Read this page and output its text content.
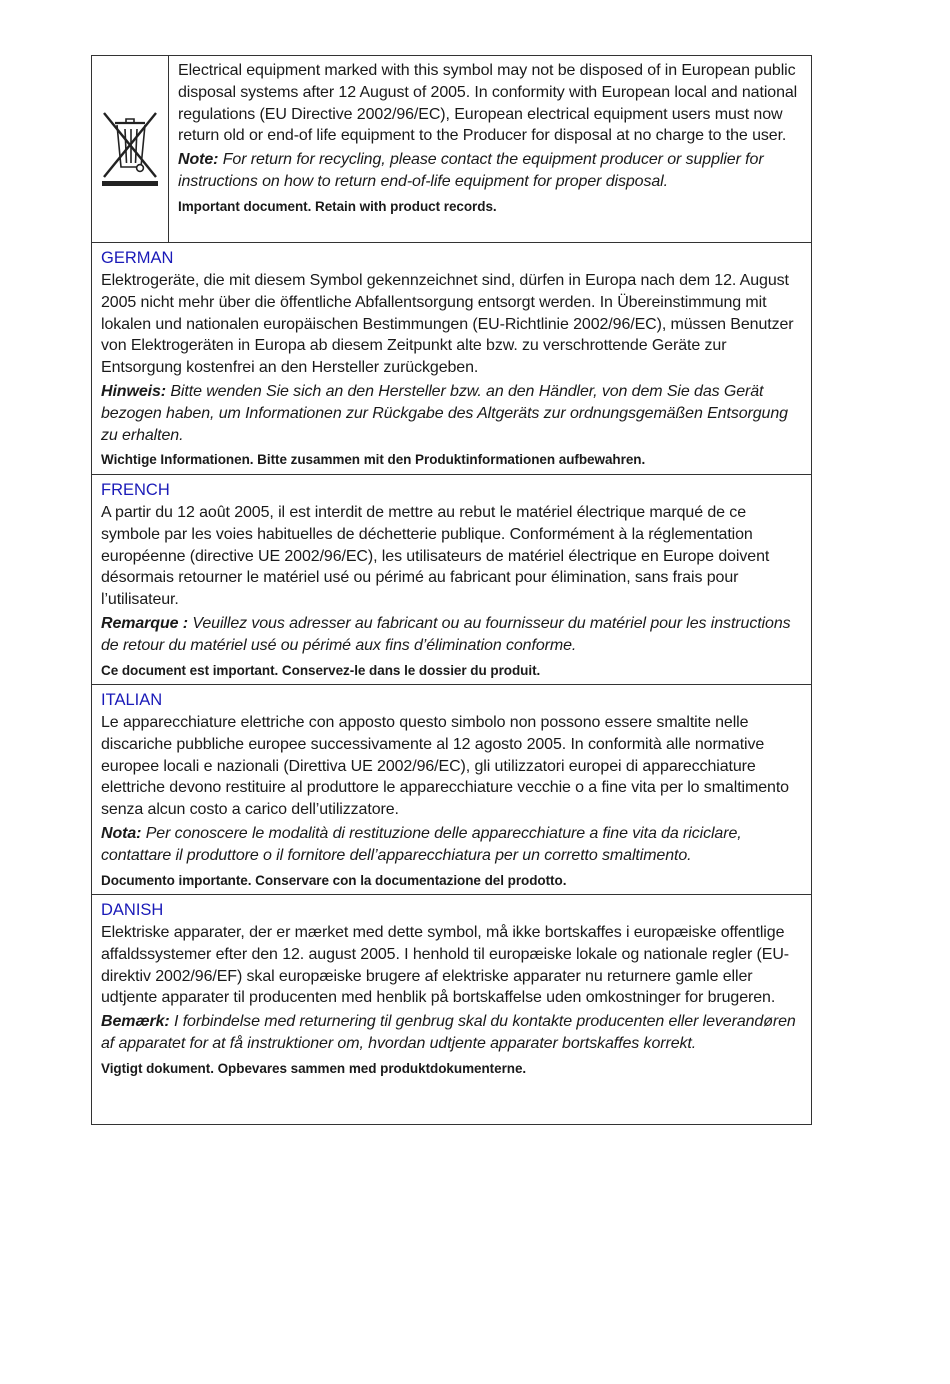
Electrical equipment marked with this symbol may not be disposed of in European public disposal systems after 12 August of 2005. In conformity with European local and national regulations (EU Directive 2002/96/EC), European electrical equipment users must now return old or end-of life equipment to the Producer for disposal at no charge to the user.

Note: For return for recycling, please contact the equipment producer or supplier for instructions on how to return end-of-life equipment for proper disposal.

Important document. Retain with product records.

GERMAN

Elektrogeräte, die mit diesem Symbol gekennzeichnet sind, dürfen in Europa nach dem 12. August 2005 nicht mehr über die öffentliche Abfallentsorgung entsorgt werden. In Übereinstimmung mit lokalen und nationalen europäischen Bestimmungen (EU-Richtlinie 2002/96/EC), müssen Benutzer von Elektrogeräten in Europa ab diesem Zeitpunkt alte bzw. zu verschrottende Geräte zur Entsorgung kostenfrei an den Hersteller zurückgeben.

Hinweis: Bitte wenden Sie sich an den Hersteller bzw. an den Händler, von dem Sie das Gerät bezogen haben, um Informationen zur Rückgabe des Altgeräts zur ordnungsgemäßen Entsorgung zu erhalten.

Wichtige Informationen. Bitte zusammen mit den Produktinformationen aufbewahren.

FRENCH

A partir du 12 août 2005, il est interdit de mettre au rebut le matériel électrique marqué de ce symbole par les voies habituelles de déchetterie publique. Conformément à la réglementation européenne (directive UE 2002/96/EC), les utilisateurs de matériel électrique en Europe doivent désormais retourner le matériel usé ou périmé au fabricant pour élimination, sans frais pour l’utilisateur.

Remarque : Veuillez vous adresser au fabricant ou au fournisseur du matériel pour les instructions de retour du matériel usé ou périmé aux fins d’élimination conforme.

Ce document est important. Conservez-le dans le dossier du produit.

ITALIAN

Le apparecchiature elettriche con apposto questo simbolo non possono essere smaltite nelle discariche pubbliche europee successivamente al 12 agosto 2005. In conformità alle normative europee locali e nazionali (Direttiva UE 2002/96/EC), gli utilizzatori europei di apparecchiature elettriche devono restituire al produttore le apparecchiature vecchie o a fine vita per lo smaltimento senza alcun costo a carico dell’utilizzatore.

Nota: Per conoscere le modalità di restituzione delle apparecchiature a fine vita da riciclare, contattare il produttore o il fornitore dell’apparecchiatura per un corretto smaltimento.

Documento importante. Conservare con la documentazione del prodotto.

DANISH

Elektriske apparater, der er mærket med dette symbol, må ikke bortskaffes i europæiske offentlige affaldssystemer efter den 12. august 2005. I henhold til europæiske lokale og nationale regler (EU-direktiv 2002/96/EF) skal europæiske brugere af elektriske apparater nu returnere gamle eller udtjente apparater til producenten med henblik på bortskaffelse uden omkostninger for brugeren.

Bemærk: I forbindelse med returnering til genbrug skal du kontakte producenten eller leverandøren af apparatet for at få instruktioner om, hvordan udtjente apparater bortskaffes korrekt.

Vigtigt dokument. Opbevares sammen med produktdokumenterne.
